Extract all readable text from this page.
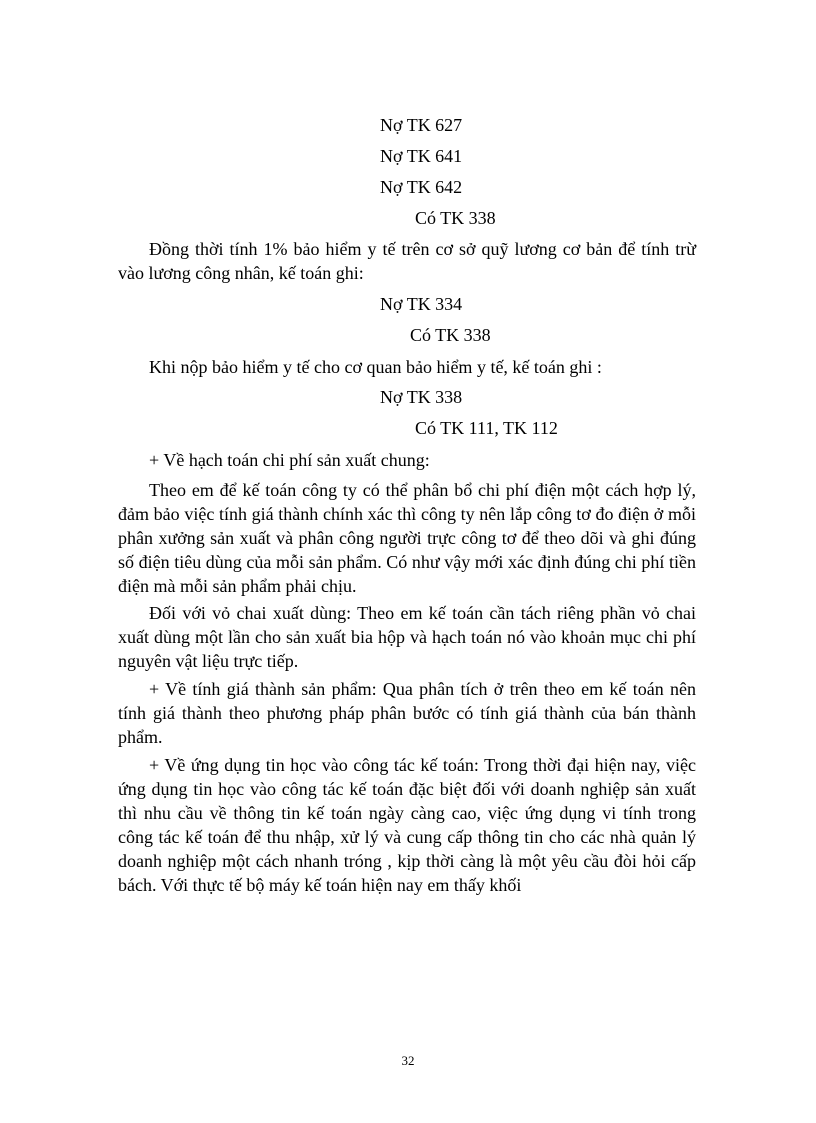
Nợ TK 627
Nợ TK 641
Nợ TK 642
Có TK 338

Đồng thời tính 1% bảo hiểm y tế trên cơ sở quỹ lương cơ bản để tính trừ vào lương công nhân, kế toán ghi:

Nợ TK 334
Có TK 338

Khi nộp bảo hiểm y tế cho cơ quan bảo hiểm y tế, kế toán ghi :

Nợ TK 338
Có TK 111, TK 112

+ Về hạch toán chi phí sản xuất chung:

Theo em để kế toán công ty có thể phân bổ chi phí điện một cách hợp lý, đảm bảo việc tính giá thành chính xác thì công ty nên lắp công tơ đo điện ở mỗi phân xưởng sản xuất và phân công người trực công tơ để theo dõi và ghi đúng số điện tiêu dùng của mỗi sản phẩm. Có như vậy mới xác định đúng chi phí tiền điện mà mỗi sản phẩm phải chịu.

Đối với vỏ chai xuất dùng: Theo em kế toán cần tách riêng phần vỏ chai xuất dùng một lần cho sản xuất bia hộp và hạch toán nó vào khoản mục chi phí nguyên vật liệu trực tiếp.

+ Về tính giá thành sản phẩm: Qua phân tích ở trên theo em kế toán nên tính giá thành theo phương pháp phân bước có tính giá thành của bán thành phẩm.

+ Về ứng dụng tin học vào công tác kế toán: Trong thời đại hiện nay, việc ứng dụng tin học vào công tác kế toán đặc biệt đối với doanh nghiệp sản xuất thì nhu cầu về thông tin kế toán ngày càng cao, việc ứng dụng vi tính trong công tác kế toán để thu nhập, xử lý và cung cấp thông tin cho các nhà quản lý doanh nghiệp một cách nhanh tróng , kịp thời càng là một yêu cầu đòi hỏi cấp bách. Với thực tế bộ máy kế toán hiện nay em thấy khối

32
